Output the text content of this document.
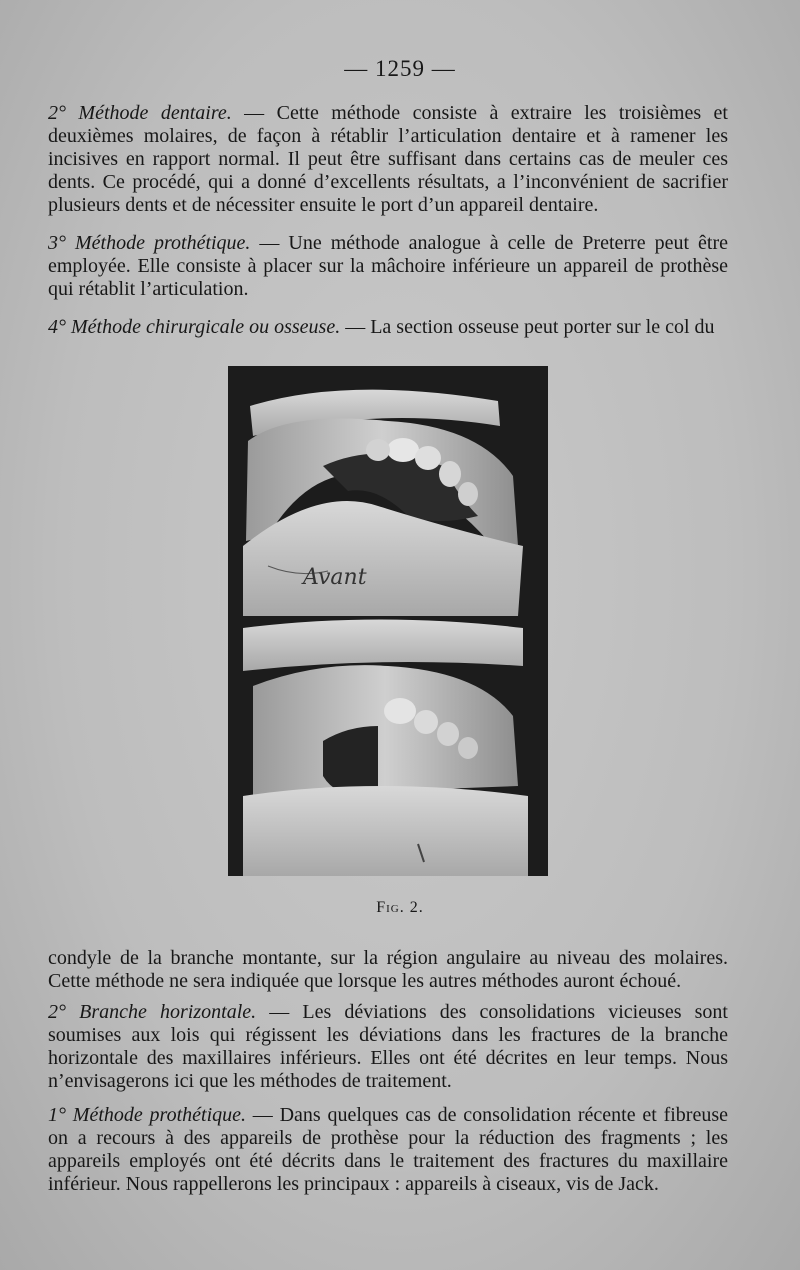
— 1259 —

2° Méthode dentaire. — Cette méthode consiste à extraire les troisièmes et deuxièmes molaires, de façon à rétablir l’articulation dentaire et à ramener les incisives en rapport normal. Il peut être suffisant dans certains cas de meuler ces dents. Ce procédé, qui a donné d’excellents résultats, a l’inconvénient de sacrifier plusieurs dents et de nécessiter ensuite le port d’un appareil dentaire.

3° Méthode prothétique. — Une méthode analogue à celle de Preterre peut être employée. Elle consiste à placer sur la mâchoire inférieure un appareil de prothèse qui rétablit l’articulation.

4° Méthode chirurgicale ou osseuse. — La section osseuse peut porter sur le col du

Avant
Fig. 2.

condyle de la branche montante, sur la région angulaire au niveau des molaires. Cette méthode ne sera indiquée que lorsque les autres méthodes auront échoué.

2° Branche horizontale. — Les déviations des consolidations vicieuses sont soumises aux lois qui régissent les déviations dans les fractures de la branche horizontale des maxillaires inférieurs. Elles ont été décrites en leur temps. Nous n’envisagerons ici que les méthodes de traitement.

1° Méthode prothétique. — Dans quelques cas de consolidation récente et fibreuse on a recours à des appareils de prothèse pour la réduction des fragments ; les appareils employés ont été décrits dans le traitement des fractures du maxillaire inférieur. Nous rappellerons les principaux : appareils à ciseaux, vis de Jack.
